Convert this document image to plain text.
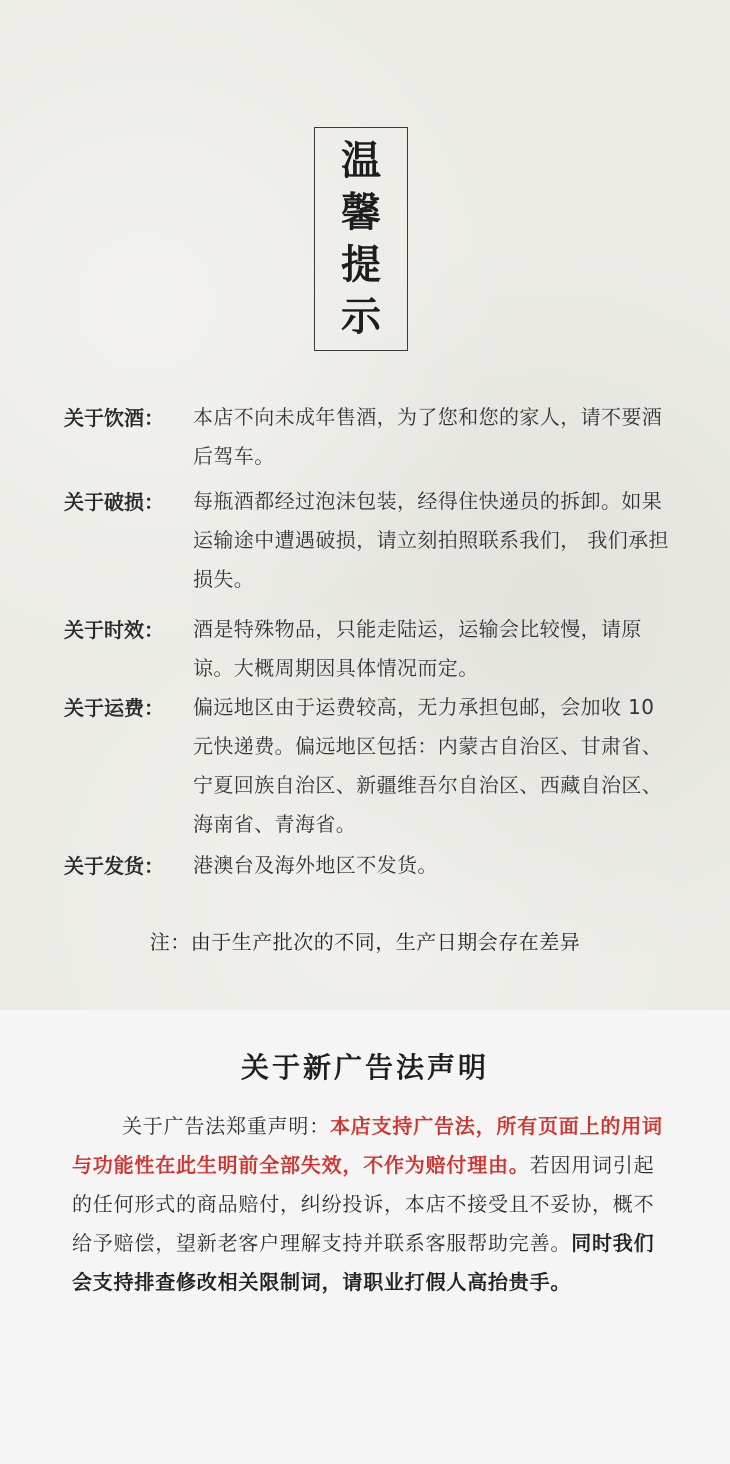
温
馨
提
示
关于饮酒：	本店不向未成年售酒，为了您和您的家人，请不要酒后驾车。
关于破损：	每瓶酒都经过泡沫包装，经得住快递员的拆卸。如果运输途中遭遇破损，请立刻拍照联系我们， 我们承担损失。
关于时效：	酒是特殊物品，只能走陆运，运输会比较慢，请原谅。大概周期因具体情况而定。
关于运费：	偏远地区由于运费较高，无力承担包邮，会加收 10 元快递费。偏远地区包括：内蒙古自治区、甘肃省、宁夏回族自治区、新疆维吾尔自治区、西藏自治区、海南省、青海省。
关于发货：	港澳台及海外地区不发货。
注：由于生产批次的不同，生产日期会存在差异
关于新广告法声明
关于广告法郑重声明：本店支持广告法，所有页面上的用词与功能性在此生明前全部失效，不作为赔付理由。若因用词引起的任何形式的商品赔付，纠纷投诉，本店不接受且不妥协，概不给予赔偿，望新老客户理解支持并联系客服帮助完善。同时我们会支持排查修改相关限制词，请职业打假人高抬贵手。
